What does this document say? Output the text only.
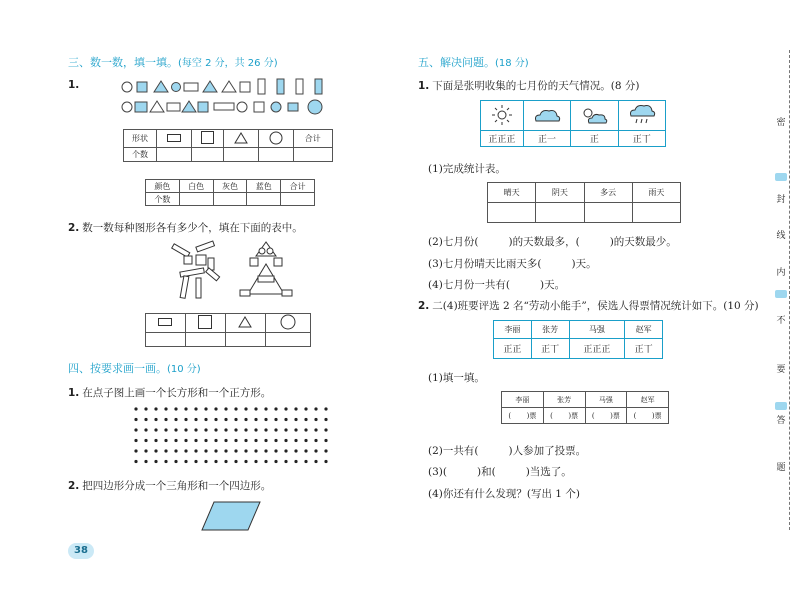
三、数一数，填一填。(每空 2 分，共 26 分)
1.
形状					合计
个数					
颜色	白色	灰色	蓝色	合计
个数				
2. 数一数每种图形各有多少个，填在下面的表中。

四、按要求画一画。(10 分)
1. 在点子图上画一个长方形和一个正方形。
2. 把四边形分成一个三角形和一个四边形。
38
五、解决问题。(18 分)
1. 下面是张明收集的七月份的天气情况。(8 分)

正正正	正一	正	正丅
(1)完成统计表。
晴天	阴天	多云	雨天

(2)七月份(	)的天数最多，(	)的天数最少。
(3)七月份晴天比雨天多(	)天。
(4)七月份一共有(	)天。
2. 二(4)班要评选 2 名“劳动小能手”，侯选人得票情况统计如下。(10 分)
李丽	张芳	马强	赵军
正正	正丅	正正正	正丅
(1)填一填。
李丽	张芳	马强	赵军
(       )票	(       )票	(       )票	(       )票
(2)一共有(	)人参加了投票。
(3)(	)和(	)当选了。
(4)你还有什么发现？(写出 1 个)
密
封
线
内
不
要
答
题
